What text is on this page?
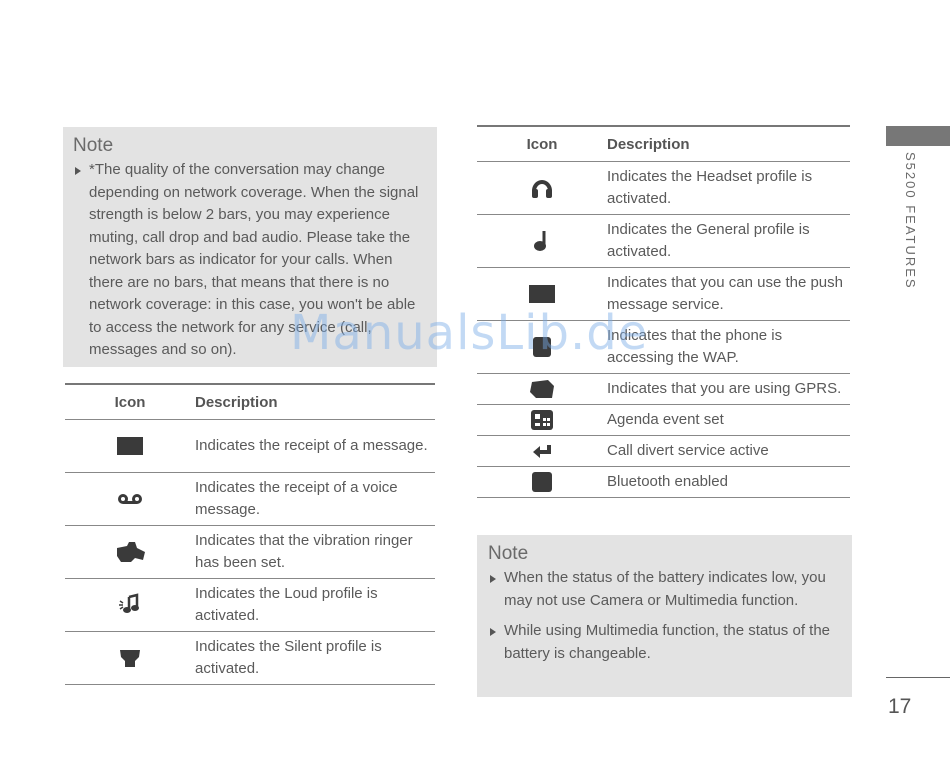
Note
*The quality of the conversation may change depending on network coverage. When the signal strength is below 2 bars, you may experience muting, call drop and bad audio. Please take the network bars as indicator for your calls. When there are no bars, that means that there is no network coverage: in this case, you won't be able to access the network for any service (call, messages and so on).
Icon	Description
	Indicates the receipt of a message.
	Indicates the receipt of a voice message.
	Indicates that the vibration ringer has been set.
	Indicates the Loud profile is activated.
	Indicates the Silent profile is activated.
Icon	Description
	Indicates the Headset profile is activated.
	Indicates the General profile is activated.
	Indicates that you can use the push message service.
	Indicates that the phone is accessing the WAP.
	Indicates that you are using GPRS.
	Agenda event set
	Call divert service active
	Bluetooth enabled
Note
When the status of the battery indicates low, you may not use Camera or Multimedia function.
While using Multimedia function, the status of the battery is changeable.
S5200 FEATURES
17
ManualsLib.de
